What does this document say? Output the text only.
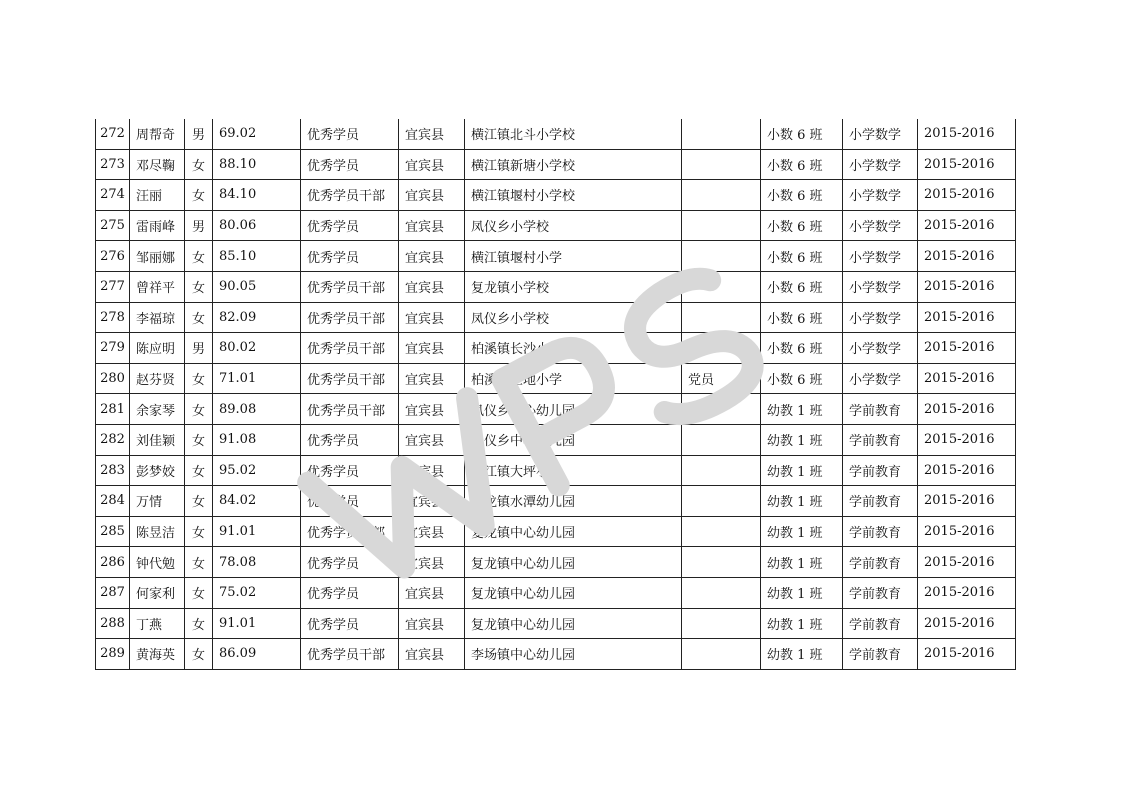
272	周帮奇	男	69.02	优秀学员	宜宾县	横江镇北斗小学校		小数 6 班	小学数学	2015-2016
273	邓尽鞠	女	88.10	优秀学员	宜宾县	横江镇新塘小学校		小数 6 班	小学数学	2015-2016
274	汪丽	女	84.10	优秀学员干部	宜宾县	横江镇堰村小学校		小数 6 班	小学数学	2015-2016
275	雷雨峰	男	80.06	优秀学员	宜宾县	凤仪乡小学校		小数 6 班	小学数学	2015-2016
276	邹丽娜	女	85.10	优秀学员	宜宾县	横江镇堰村小学		小数 6 班	小学数学	2015-2016
277	曾祥平	女	90.05	优秀学员干部	宜宾县	复龙镇小学校		小数 6 班	小学数学	2015-2016
278	李福琼	女	82.09	优秀学员干部	宜宾县	凤仪乡小学校		小数 6 班	小学数学	2015-2016
279	陈应明	男	80.02	优秀学员干部	宜宾县	柏溪镇长沙小学		小数 6 班	小学数学	2015-2016
280	赵芬贤	女	71.01	优秀学员干部	宜宾县	柏溪镇土地小学	党员	小数 6 班	小学数学	2015-2016
281	余家琴	女	89.08	优秀学员干部	宜宾县	凤仪乡中心幼儿园		幼教 1 班	学前教育	2015-2016
282	刘佳颖	女	91.08	优秀学员	宜宾县	凤仪乡中心幼儿园		幼教 1 班	学前教育	2015-2016
283	彭梦姣	女	95.02	优秀学员	宜宾县	横江镇大坪小学		幼教 1 班	学前教育	2015-2016
284	万情	女	84.02	优秀学员	宜宾县	双龙镇水潭幼儿园		幼教 1 班	学前教育	2015-2016
285	陈昱洁	女	91.01	优秀学员干部	宜宾县	复龙镇中心幼儿园		幼教 1 班	学前教育	2015-2016
286	钟代勉	女	78.08	优秀学员	宜宾县	复龙镇中心幼儿园		幼教 1 班	学前教育	2015-2016
287	何家利	女	75.02	优秀学员	宜宾县	复龙镇中心幼儿园		幼教 1 班	学前教育	2015-2016
288	丁燕	女	91.01	优秀学员	宜宾县	复龙镇中心幼儿园		幼教 1 班	学前教育	2015-2016
289	黄海英	女	86.09	优秀学员干部	宜宾县	李场镇中心幼儿园		幼教 1 班	学前教育	2015-2016
